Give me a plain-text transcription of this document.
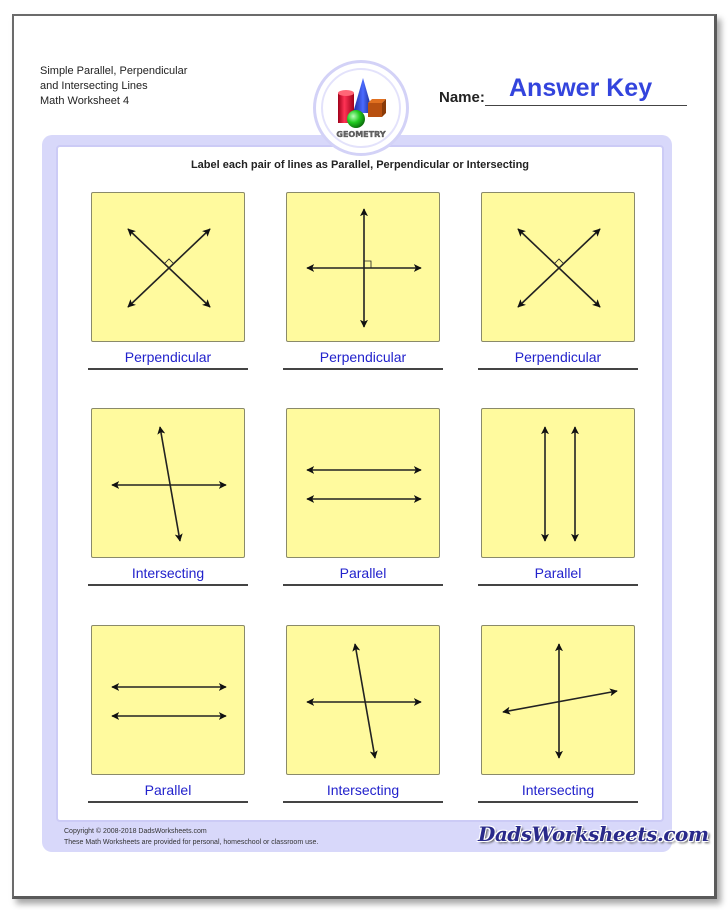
Simple Parallel, Perpendicular
and Intersecting Lines
Math Worksheet 4	Name: Answer Key
GEOMETRY
Label each pair of lines as Parallel, Perpendicular or Intersecting
Perpendicular	Perpendicular	Perpendicular
Intersecting	Parallel	Parallel
Parallel	Intersecting	Intersecting
Copyright © 2008-2018 DadsWorksheets.com
These Math Worksheets are provided for personal, homeschool or classroom use.	DadsWorksheets.com
